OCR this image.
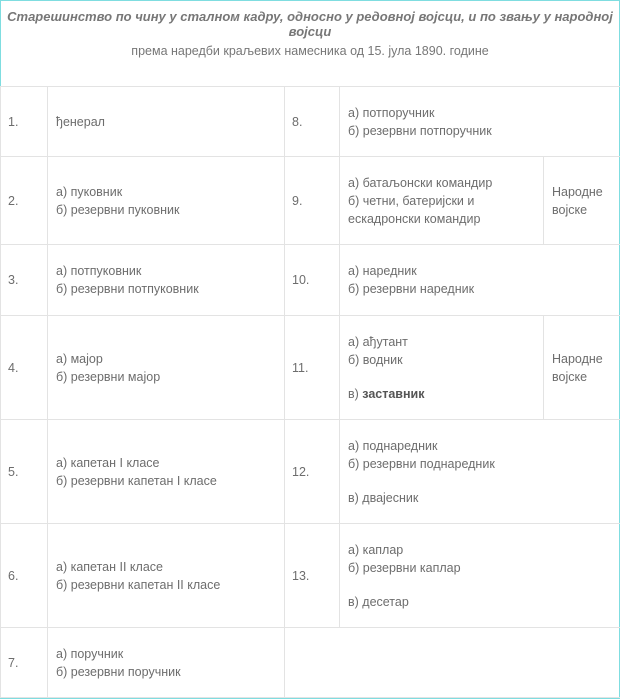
Старешинство по чину у сталном кадру, односно у редовној војсци, и по звању у народној војсци
према наредби краљевих намесника од 15. јула 1890. године
1.	ђенерал	8.	а) потпоручник
б) резервни потпоручник	

2.	а) пуковник
б) резервни пуковник	9.	а) батаљонски командир
б) четни, батеријски и
ескадронски командир	Народне
војске

3.	а) потпуковник
б) резервни потпуковник	10.	а) наредник
б) резервни наредник	

4.	а) мајор
б) резервни мајор	11.	а) ађутант
б) водник
в) заставник	Народне
војске

5.	а) капетан I класе
б) резервни капетан I класе	12.	а) поднаредник
б) резервни поднаредник
в) двајесник	

6.	а) капетан II класе
б) резервни капетан II класе	13.	а) каплар
б) резервни каплар
в) десетар	

7.	а) поручник
б) резервни поручник			
